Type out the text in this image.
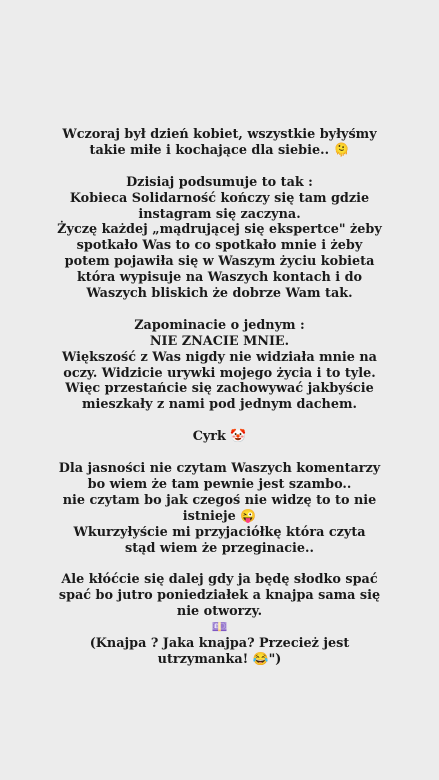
Wczoraj był dzień kobiet, wszystkie byłyśmy
takie miłe i kochające dla siebie.. 🫠

Dzisiaj podsumuje to tak :
Kobieca Solidarność kończy się tam gdzie
instagram się zaczyna.
Życzę każdej „mądrującej się ekspertce" żeby
spotkało Was to co spotkało mnie i żeby
potem pojawiła się w Waszym życiu kobieta
która wypisuje na Waszych kontach i do
Waszych bliskich że dobrze Wam tak.

Zapominacie o jednym :
NIE ZNACIE MNIE.
Większość z Was nigdy nie widziała mnie na
oczy. Widzicie urywki mojego życia i to tyle.
Więc przestańcie się zachowywać jakbyście
mieszkały z nami pod jednym dachem.

Cyrk 🤡

Dla jasności nie czytam Waszych komentarzy
bo wiem że tam pewnie jest szambo..
nie czytam bo jak czegoś nie widzę to to nie
istnieje 😜
Wkurzyłyście mi przyjaciółkę która czyta
stąd wiem że przeginacie..

Ale kłóćcie się dalej gdy ja będę słodko spać
spać bo jutro poniedziałek a knajpa sama się
nie otworzy.
💷
(Knajpa ? Jaka knajpa? Przecież jest
utrzymanka! 😂")
